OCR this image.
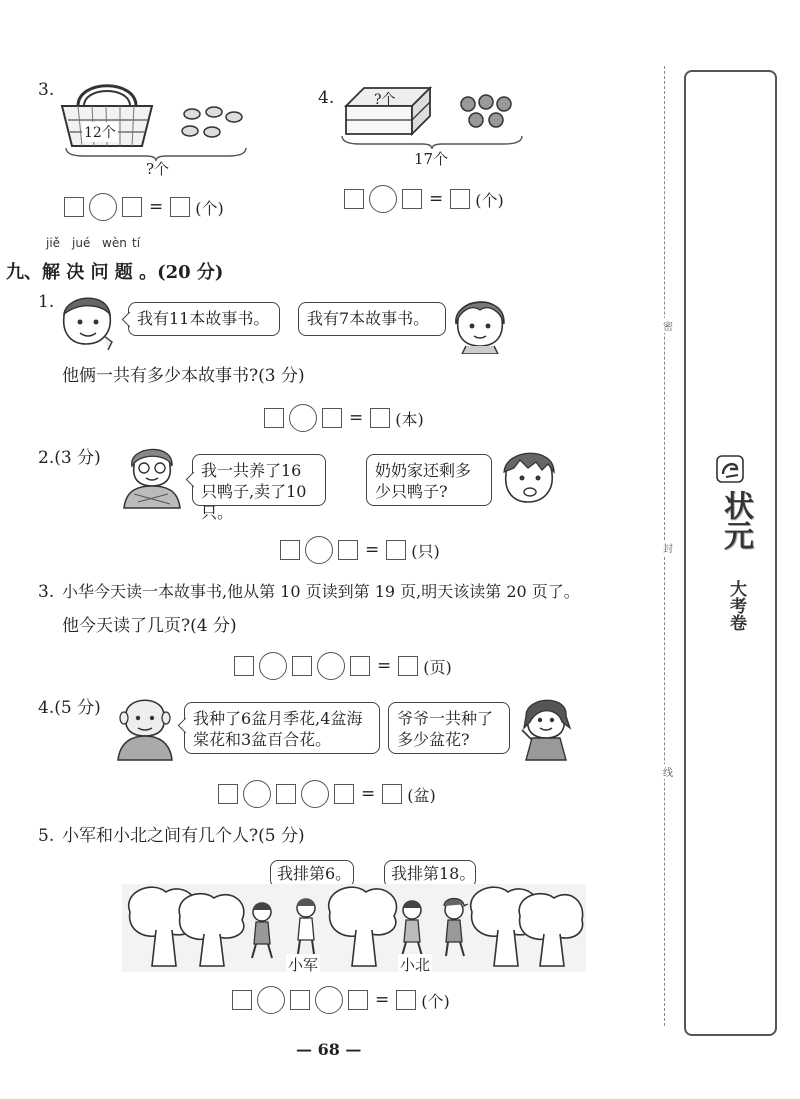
3.
12个
?个
= (个)
4.	?个
17个
= (个)
jiě jué wèn tí
九、解 决 问 题 。(20 分)
1.
我有11本故事书。	我有7本故事书。
他俩一共有多少本故事书?(3 分)
= (本)
2.(3 分)
我一共养了16只鸭子,卖了10只。
奶奶家还剩多少只鸭子?
= (只)
3. 小华今天读一本故事书,他从第 10 页读到第 19 页,明天该读第 20 页了。
他今天读了几页?(4 分)
= (页)
4.(5 分)
我种了6盆月季花,4盆海棠花和3盆百合花。
爷爷一共种了多少盆花?
= (盆)
5. 小军和小北之间有几个人?(5 分)
我排第6。	我排第18。
小军	小北
= (个)
— 68 —
密
封
线
状元
大考卷
